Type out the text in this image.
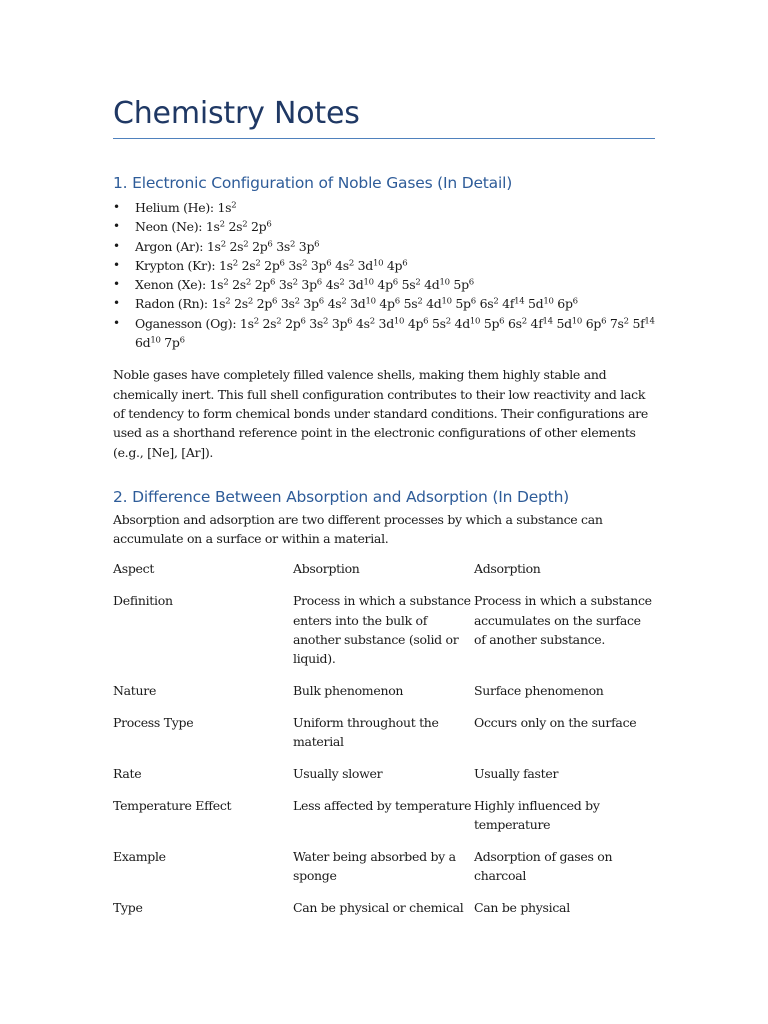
Chemistry Notes
1. Electronic Configuration of Noble Gases (In Detail)
• Helium (He): $1s^2$
• Neon (Ne): $1s^2$ $2s^2$ $2p^6$
• Argon (Ar): $1s^2$ $2s^2$ $2p^6$ $3s^2$ $3p^6$
• Krypton (Kr): $1s^2$ $2s^2$ $2p^6$ $3s^2$ $3p^6$ $4s^2$ $3d^{10}$ $4p^6$
• Xenon (Xe): $1s^2$ $2s^2$ $2p^6$ $3s^2$ $3p^6$ $4s^2$ $3d^{10}$ $4p^6$ $5s^2$ $4d^{10}$ $5p^6$
• Radon (Rn): $1s^2$ $2s^2$ $2p^6$ $3s^2$ $3p^6$ $4s^2$ $3d^{10}$ $4p^6$ $5s^2$ $4d^{10}$ $5p^6$ $6s^2$ $4f^{14}$ $5d^{10}$ $6p^6$
• Oganesson (Og): $1s^2$ $2s^2$ $2p^6$ $3s^2$ $3p^6$ $4s^2$ $3d^{10}$ $4p^6$ $5s^2$ $4d^{10}$ $5p^6$ $6s^2$ $4f^{14}$ $5d^{10}$ $6p^6$ $7s^2$ $5f^{14}$ $6d^{10}$ $7p^6$

Noble gases have completely filled valence shells, making them highly stable and chemically inert. This full shell configuration contributes to their low reactivity and lack of tendency to form chemical bonds under standard conditions. Their configurations are used as a shorthand reference point in the electronic configurations of other elements (e.g., [Ne], [Ar]).

2. Difference Between Absorption and Adsorption (In Depth)

Absorption and adsorption are two different processes by which a substance can accumulate on a surface or within a material.

Aspect	Absorption	Adsorption
Definition	Process in which a substance enters into the bulk of another substance (solid or liquid).	Process in which a substance accumulates on the surface of another substance.
Nature	Bulk phenomenon	Surface phenomenon
Process Type	Uniform throughout the material	Occurs only on the surface
Rate	Usually slower	Usually faster
Temperature Effect	Less affected by temperature	Highly influenced by temperature
Example	Water being absorbed by a sponge	Adsorption of gases on charcoal
Type	Can be physical or chemical	Can be physical
